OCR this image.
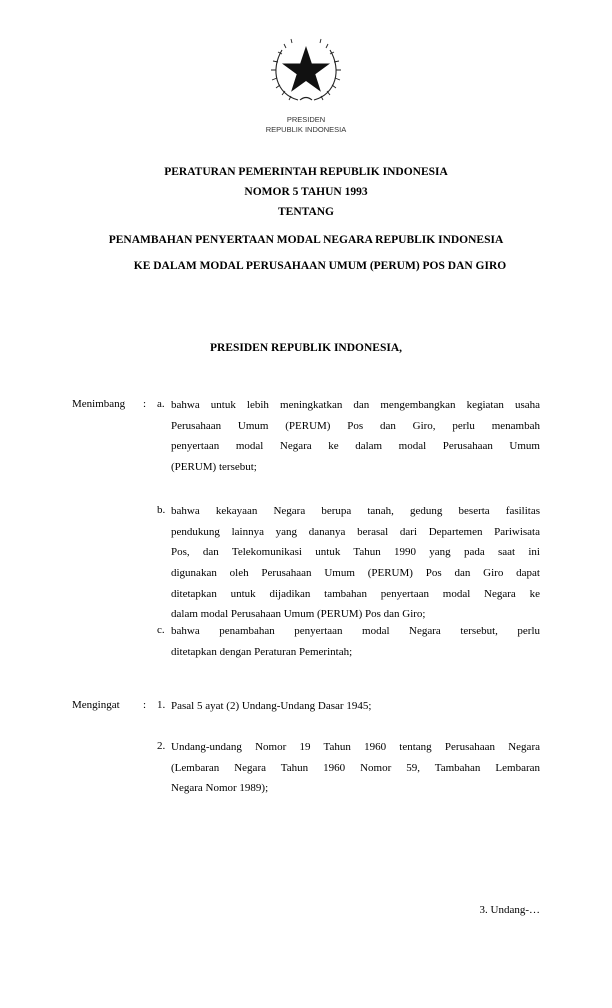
PRESIDEN
REPUBLIK INDONESIA
PERATURAN PEMERINTAH REPUBLIK INDONESIA
NOMOR 5 TAHUN 1993
TENTANG
PENAMBAHAN PENYERTAAN MODAL NEGARA REPUBLIK INDONESIA
KE DALAM MODAL PERUSAHAAN UMUM (PERUM) POS DAN GIRO
PRESIDEN REPUBLIK INDONESIA,
Menimbang : a. bahwa untuk lebih meningkatkan dan mengembangkan kegiatan usaha
Perusahaan Umum (PERUM) Pos dan Giro, perlu menambah
penyertaan modal Negara ke dalam modal Perusahaan Umum
(PERUM) tersebut;
b. bahwa kekayaan Negara berupa tanah, gedung beserta fasilitas
pendukung lainnya yang dananya berasal dari Departemen Pariwisata
Pos, dan Telekomunikasi untuk Tahun 1990 yang pada saat ini
digunakan oleh Perusahaan Umum (PERUM) Pos dan Giro dapat
ditetapkan untuk dijadikan tambahan penyertaan modal Negara ke
dalam modal Perusahaan Umum (PERUM) Pos dan Giro;
c. bahwa penambahan penyertaan modal Negara tersebut, perlu
ditetapkan dengan Peraturan Pemerintah;
Mengingat : 1. Pasal 5 ayat (2) Undang-Undang Dasar 1945;
2. Undang-undang Nomor 19 Tahun 1960 tentang Perusahaan Negara
(Lembaran Negara Tahun 1960 Nomor 59, Tambahan Lembaran
Negara Nomor 1989);
3. Undang-…
